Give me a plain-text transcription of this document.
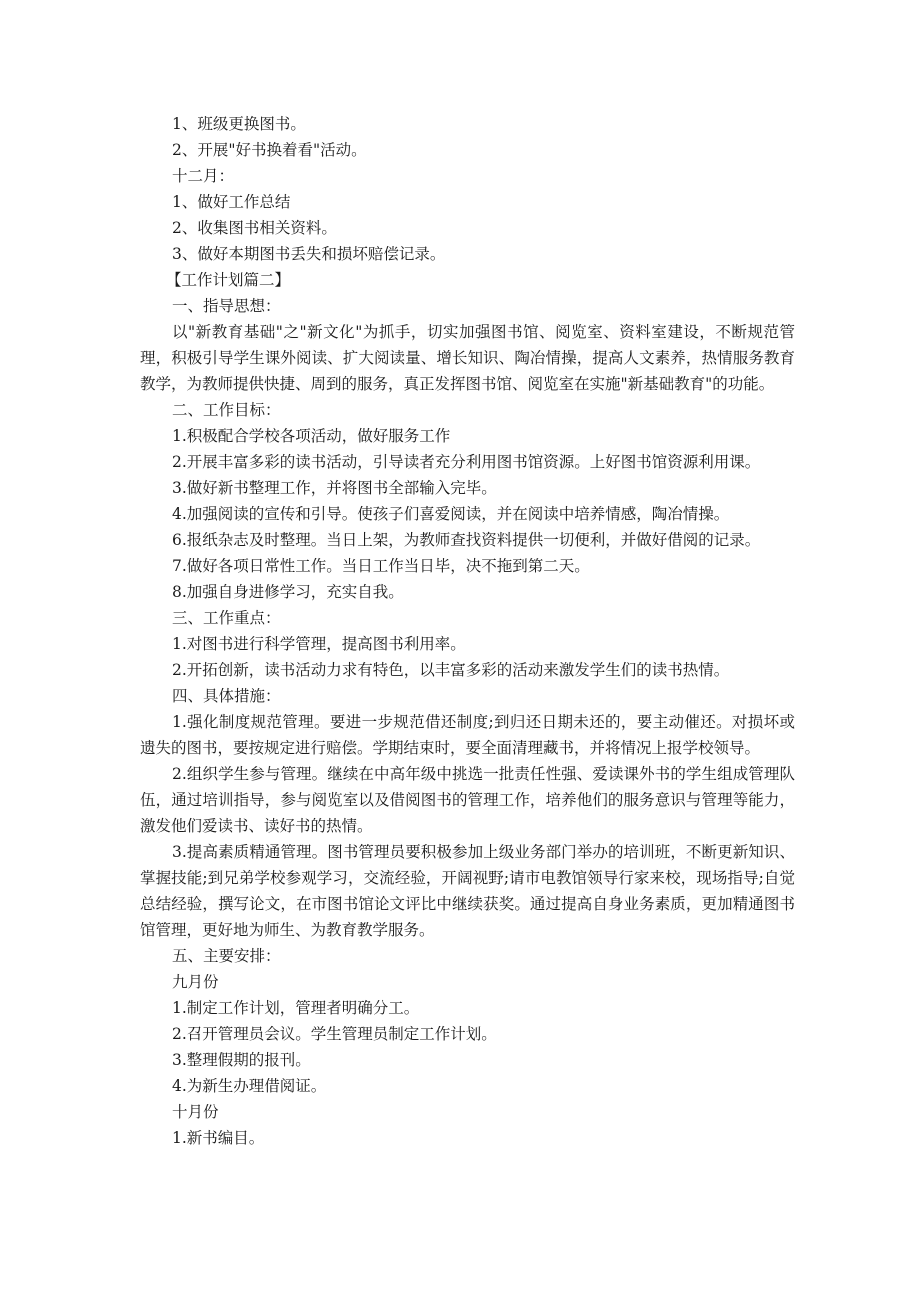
1、班级更换图书。
2、开展"好书换着看"活动。
十二月：
1、做好工作总结
2、收集图书相关资料。
3、做好本期图书丢失和损坏赔偿记录。
【工作计划篇二】
一、指导思想：
以"新教育基础"之"新文化"为抓手，切实加强图书馆、阅览室、资料室建设，不断规范管理，积极引导学生课外阅读、扩大阅读量、增长知识、陶冶情操，提高人文素养，热情服务教育教学，为教师提供快捷、周到的服务，真正发挥图书馆、阅览室在实施"新基础教育"的功能。
二、工作目标：
1.积极配合学校各项活动，做好服务工作
2.开展丰富多彩的读书活动，引导读者充分利用图书馆资源。上好图书馆资源利用课。
3.做好新书整理工作，并将图书全部输入完毕。
4.加强阅读的宣传和引导。使孩子们喜爱阅读，并在阅读中培养情感，陶冶情操。
6.报纸杂志及时整理。当日上架，为教师查找资料提供一切便利，并做好借阅的记录。
7.做好各项日常性工作。当日工作当日毕，决不拖到第二天。
8.加强自身进修学习，充实自我。
三、工作重点：
1.对图书进行科学管理，提高图书利用率。
2.开拓创新，读书活动力求有特色，以丰富多彩的活动来激发学生们的读书热情。
四、具体措施：
1.强化制度规范管理。要进一步规范借还制度;到归还日期未还的，要主动催还。对损坏或遗失的图书，要按规定进行赔偿。学期结束时，要全面清理藏书，并将情况上报学校领导。
2.组织学生参与管理。继续在中高年级中挑选一批责任性强、爱读课外书的学生组成管理队伍，通过培训指导，参与阅览室以及借阅图书的管理工作，培养他们的服务意识与管理等能力，激发他们爱读书、读好书的热情。
3.提高素质精通管理。图书管理员要积极参加上级业务部门举办的培训班，不断更新知识、掌握技能;到兄弟学校参观学习，交流经验，开阔视野;请市电教馆领导行家来校，现场指导;自觉总结经验，撰写论文，在市图书馆论文评比中继续获奖。通过提高自身业务素质，更加精通图书馆管理，更好地为师生、为教育教学服务。
五、主要安排：
九月份
1.制定工作计划，管理者明确分工。
2.召开管理员会议。学生管理员制定工作计划。
3.整理假期的报刊。
4.为新生办理借阅证。
十月份
1.新书编目。
